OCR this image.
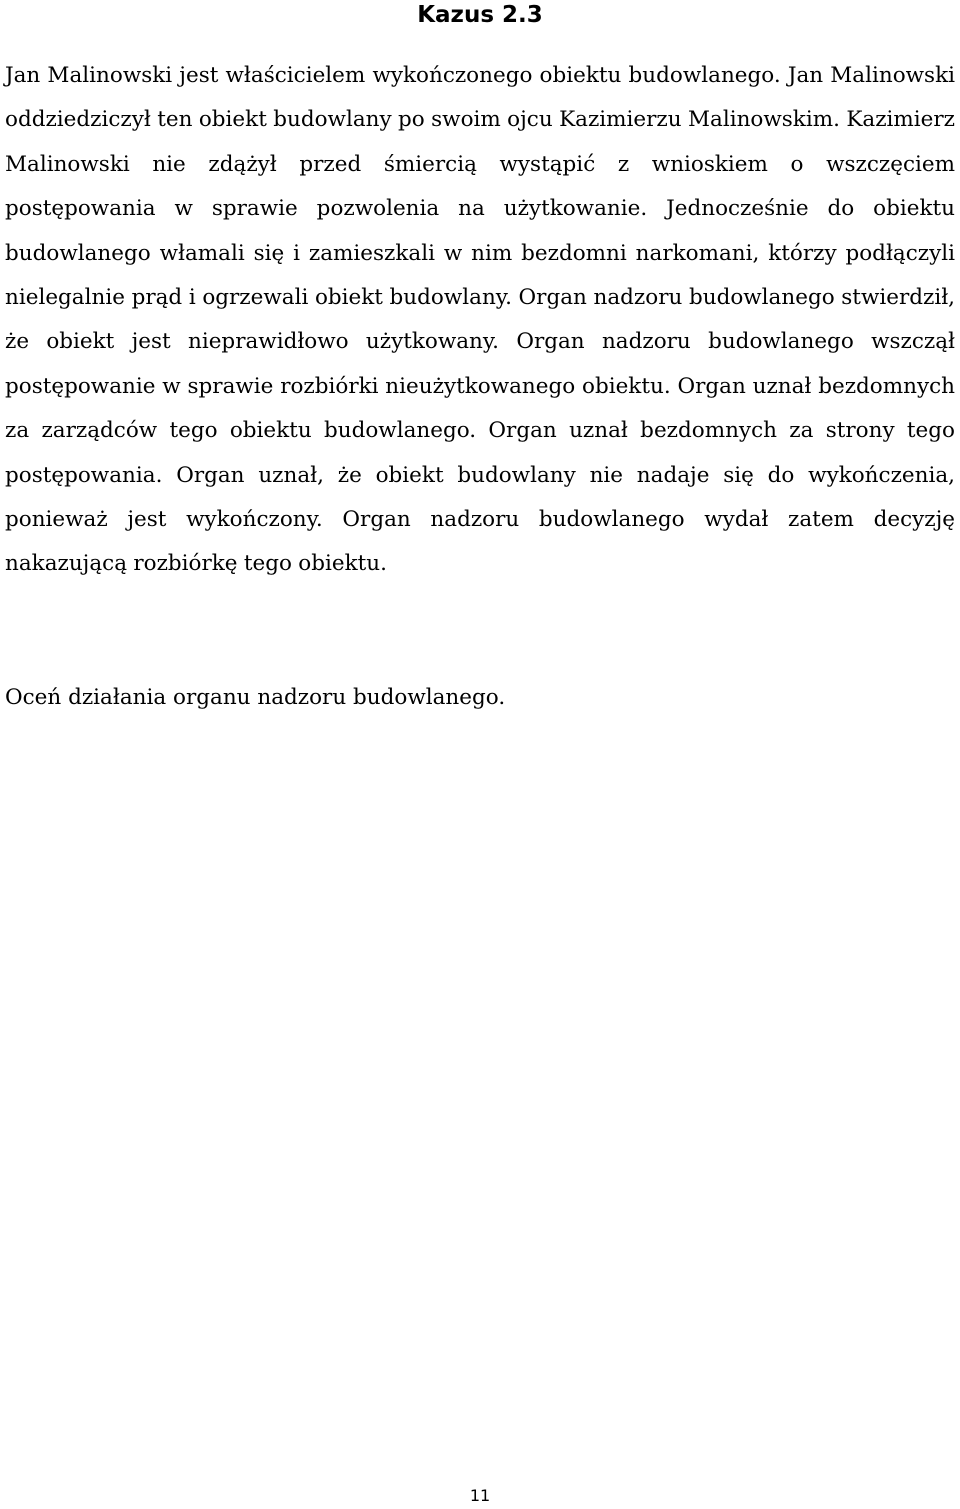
Kazus 2.3

Jan Malinowski jest właścicielem wykończonego obiektu budowlanego. Jan Malinowski oddziedziczył ten obiekt budowlany po swoim ojcu Kazimierzu Malinowskim. Kazimierz Malinowski nie zdążył przed śmiercią wystąpić z wnioskiem o wszczęciem postępowania w sprawie pozwolenia na użytkowanie. Jednocześnie do obiektu budowlanego włamali się i zamieszkali w nim bezdomni narkomani, którzy podłączyli nielegalnie prąd i ogrzewali obiekt budowlany. Organ nadzoru budowlanego stwierdził, że obiekt jest nieprawidłowo użytkowany. Organ nadzoru budowlanego wszczął postępowanie w sprawie rozbiórki nieużytkowanego obiektu. Organ uznał bezdomnych za zarządców tego obiektu budowlanego. Organ uznał bezdomnych za strony tego postępowania. Organ uznał, że obiekt budowlany nie nadaje się do wykończenia, ponieważ jest wykończony. Organ nadzoru budowlanego wydał zatem decyzję nakazującą rozbiórkę tego obiektu.

Oceń działania organu nadzoru budowlanego.

11
